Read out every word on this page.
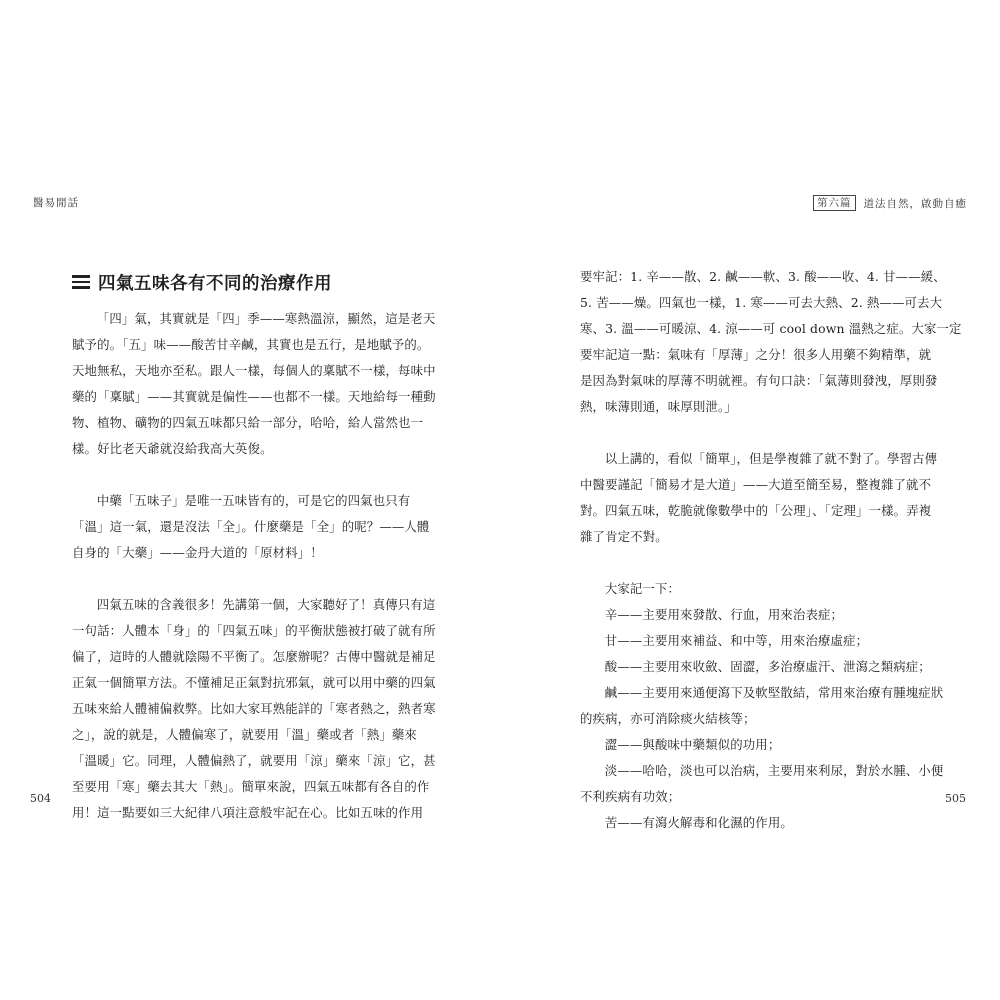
醫易閒話	第六篇	道法自然，啟動自癒
四氣五味各有不同的治療作用

「四」氣，其實就是「四」季——寒熱溫涼，顯然，這是老天

賦予的。「五」味——酸苦甘辛鹹，其實也是五行，是地賦予的。

天地無私，天地亦至私。跟人一樣，每個人的稟賦不一樣，每味中

藥的「稟賦」——其實就是偏性——也都不一樣。天地給每一種動

物、植物、礦物的四氣五味都只給一部分，哈哈，給人當然也一

樣。好比老天爺就沒給我高大英俊。

中藥「五味子」是唯一五味皆有的，可是它的四氣也只有

「溫」這一氣，還是沒法「全」。什麼藥是「全」的呢？——人體

自身的「大藥」——金丹大道的「原材料」！

四氣五味的含義很多！先講第一個，大家聽好了！真傳只有這

一句話：人體本「身」的「四氣五味」的平衡狀態被打破了就有所

偏了，這時的人體就陰陽不平衡了。怎麼辦呢？古傳中醫就是補足

正氣一個簡單方法。不懂補足正氣對抗邪氣，就可以用中藥的四氣

五味來給人體補偏救弊。比如大家耳熟能詳的「寒者熱之，熱者寒

之」，說的就是，人體偏寒了，就要用「溫」藥或者「熱」藥來

「溫暖」它。同理，人體偏熱了，就要用「涼」藥來「涼」它，甚

至要用「寒」藥去其大「熱」。簡單來說，四氣五味都有各自的作

用！這一點要如三大紀律八項注意般牢記在心。比如五味的作用

要牢記：1. 辛——散、2. 鹹——軟、3. 酸——收、4. 甘——緩、

5. 苦——燥。四氣也一樣，1. 寒——可去大熱、2. 熱——可去大

寒、3. 溫——可暖涼、4. 涼——可 cool down 溫熱之症。大家一定

要牢記這一點：氣味有「厚薄」之分！很多人用藥不夠精準，就

是因為對氣味的厚薄不明就裡。有句口訣：「氣薄則發洩，厚則發

熱，味薄則通，味厚則泄。」

以上講的，看似「簡單」，但是學複雜了就不對了。學習古傳

中醫要謹記「簡易才是大道」——大道至簡至易，整複雜了就不

對。四氣五味，乾脆就像數學中的「公理」、「定理」一樣。弄複

雜了肯定不對。

大家記一下：

辛——主要用來發散、行血，用來治表症；

甘——主要用來補益、和中等，用來治療虛症；

酸——主要用來收斂、固澀，多治療虛汗、泄瀉之類病症；

鹹——主要用來通便瀉下及軟堅散結，常用來治療有腫塊症狀

的疾病，亦可消除痰火結核等；

澀——與酸味中藥類似的功用；

淡——哈哈，淡也可以治病，主要用來利尿，對於水腫、小便

不利疾病有功效；

苦——有瀉火解毒和化濕的作用。

504	505
